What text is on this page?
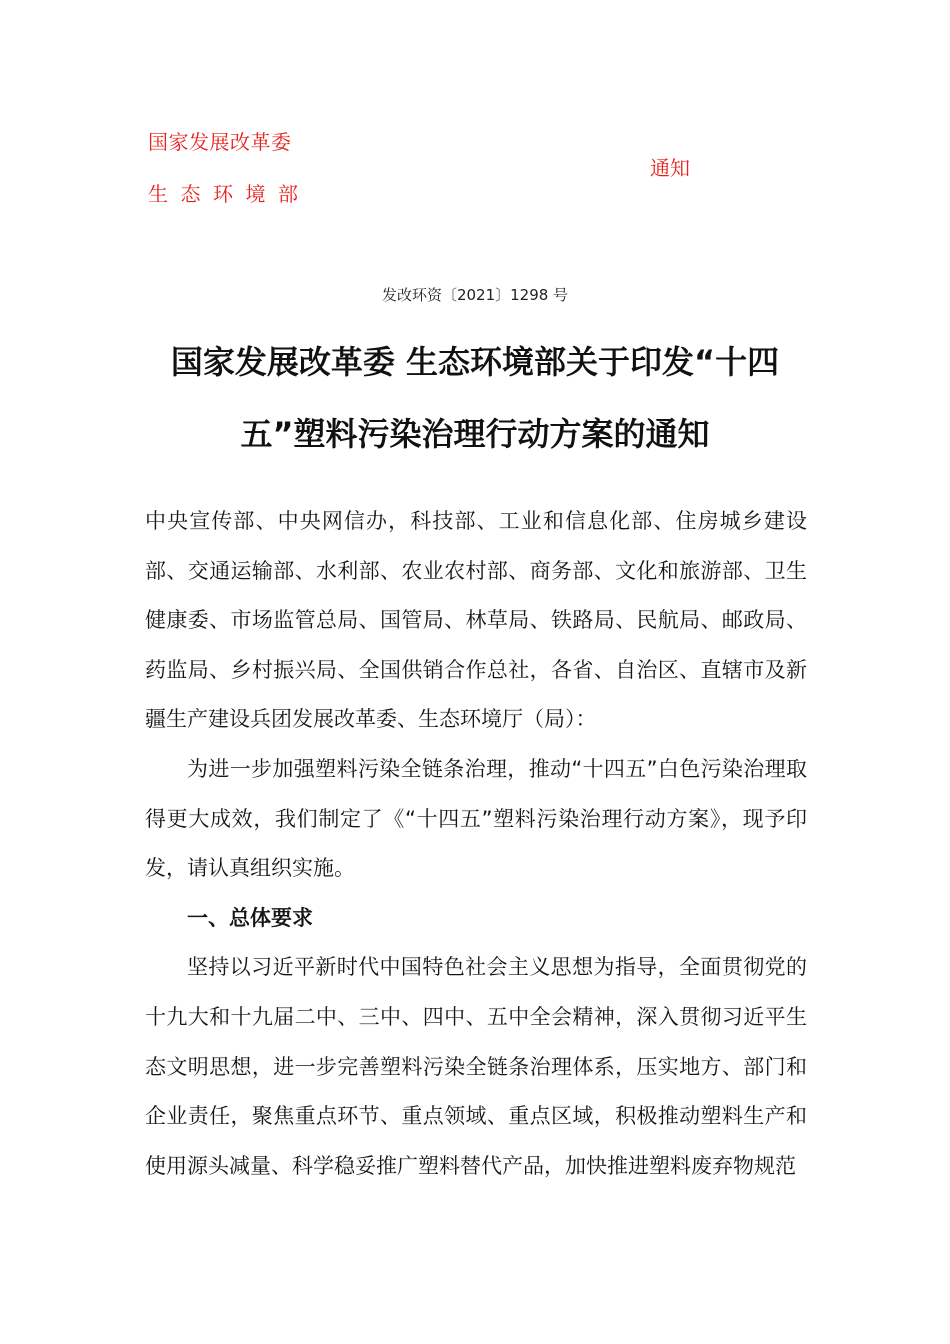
国家发展改革委
生态环境部
通知
发改环资〔2021〕1298 号
国家发展改革委 生态环境部关于印发“十四五”塑料污染治理行动方案的通知

中央宣传部、中央网信办，科技部、工业和信息化部、住房城乡建设部、交通运输部、水利部、农业农村部、商务部、文化和旅游部、卫生健康委、市场监管总局、国管局、林草局、铁路局、民航局、邮政局、药监局、乡村振兴局、全国供销合作总社，各省、自治区、直辖市及新疆生产建设兵团发展改革委、生态环境厅（局）：

为进一步加强塑料污染全链条治理，推动“十四五”白色污染治理取得更大成效，我们制定了《“十四五”塑料污染治理行动方案》，现予印发，请认真组织实施。

一、总体要求

坚持以习近平新时代中国特色社会主义思想为指导，全面贯彻党的十九大和十九届二中、三中、四中、五中全会精神，深入贯彻习近平生态文明思想，进一步完善塑料污染全链条治理体系，压实地方、部门和企业责任，聚焦重点环节、重点领域、重点区域，积极推动塑料生产和使用源头减量、科学稳妥推广塑料替代产品，加快推进塑料废弃物规范
